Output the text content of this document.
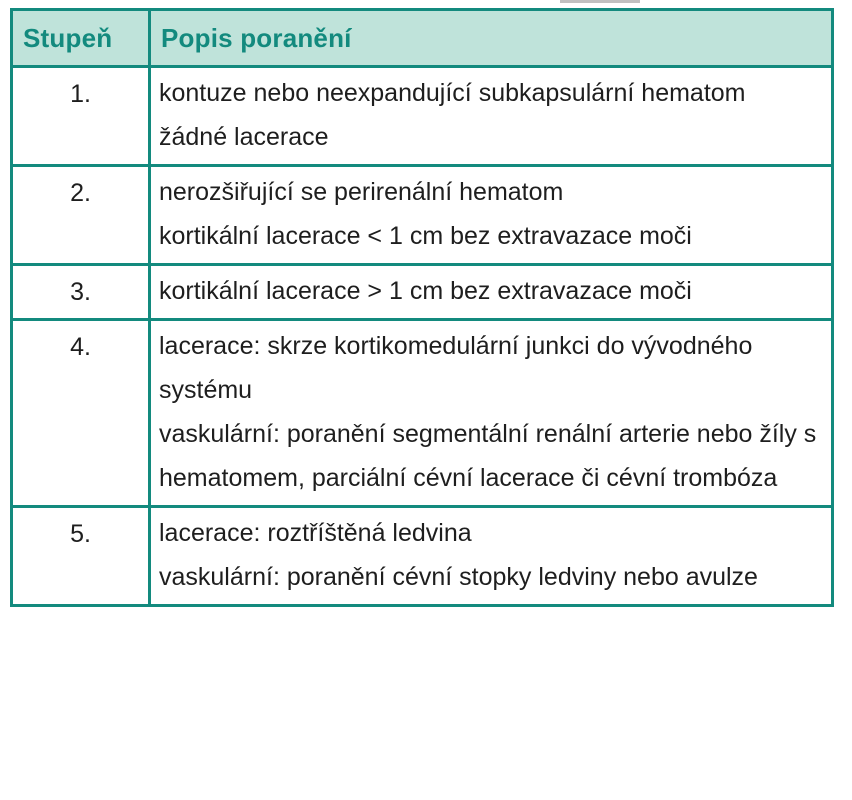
Stupeň	Popis poranění
1.	kontuze nebo neexpandující subkapsulární hematom
žádné lacerace

2.	nerozšiřující se perirenální hematom
kortikální lacerace < 1 cm bez extravazace moči

3.	kortikální lacerace > 1 cm bez extravazace moči

4.	lacerace: skrze kortikomedulární junkci do vývodného systému
vaskulární: poranění segmentální renální arterie nebo žíly s hematomem, parciální cévní lacerace či cévní trombóza

5.	lacerace: roztříštěná ledvina
vaskulární: poranění cévní stopky ledviny nebo avulze
